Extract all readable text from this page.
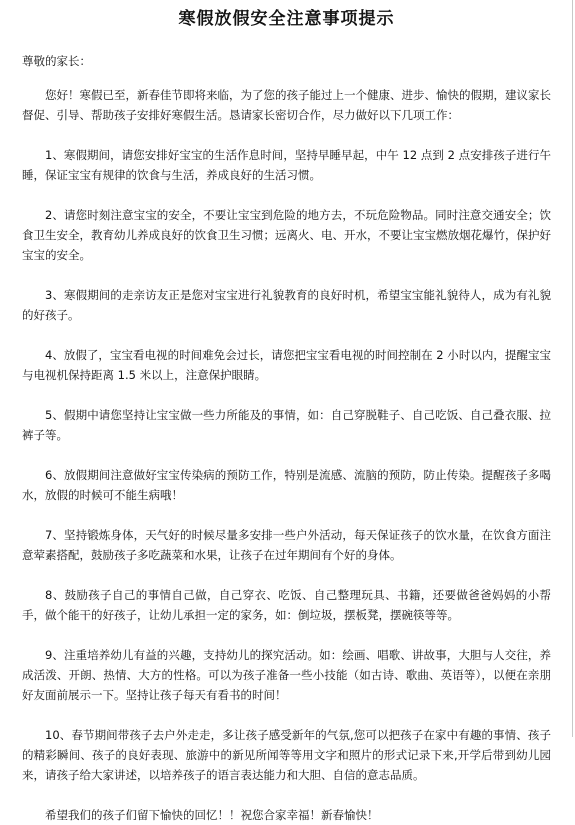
寒假放假安全注意事项提示
尊敬的家长：
您好！寒假已至，新春佳节即将来临，为了您的孩子能过上一个健康、进步、愉快的假期，建议家长督促、引导、帮助孩子安排好寒假生活。恳请家长密切合作，尽力做好以下几项工作：
1、寒假期间，请您安排好宝宝的生活作息时间，坚持早睡早起，中午 12 点到 2 点安排孩子进行午睡，保证宝宝有规律的饮食与生活，养成良好的生活习惯。
2、请您时刻注意宝宝的安全，不要让宝宝到危险的地方去，不玩危险物品。同时注意交通安全；饮食卫生安全，教育幼儿养成良好的饮食卫生习惯；远离火、电、开水，不要让宝宝燃放烟花爆竹，保护好宝宝的安全。
3、寒假期间的走亲访友正是您对宝宝进行礼貌教育的良好时机，希望宝宝能礼貌待人，成为有礼貌的好孩子。
4、放假了，宝宝看电视的时间难免会过长，请您把宝宝看电视的时间控制在 2 小时以内，提醒宝宝与电视机保持距离 1.5 米以上，注意保护眼睛。
5、假期中请您坚持让宝宝做一些力所能及的事情，如：自己穿脱鞋子、自己吃饭、自己叠衣服、拉裤子等。
6、放假期间注意做好宝宝传染病的预防工作，特别是流感、流脑的预防，防止传染。提醒孩子多喝水，放假的时候可不能生病哦！
7、坚持锻炼身体，天气好的时候尽量多安排一些户外活动，每天保证孩子的饮水量，在饮食方面注意荤素搭配，鼓励孩子多吃蔬菜和水果，让孩子在过年期间有个好的身体。
8、鼓励孩子自己的事情自己做，自己穿衣、吃饭、自己整理玩具、书籍，还要做爸爸妈妈的小帮手，做个能干的好孩子，让幼儿承担一定的家务，如：倒垃圾，摆板凳，摆碗筷等等。
9、注重培养幼儿有益的兴趣，支持幼儿的探究活动。如：绘画、唱歌、讲故事，大胆与人交往，养成活泼、开朗、热情、大方的性格。可以为孩子准备一些小技能（如古诗、歌曲、英语等），以便在亲朋好友面前展示一下。坚持让孩子每天有看书的时间！
10、春节期间带孩子去户外走走，多让孩子感受新年的气氛,您可以把孩子在家中有趣的事情、孩子的精彩瞬间、孩子的良好表现、旅游中的新见所闻等等用文字和照片的形式记录下来,开学后带到幼儿园来，请孩子给大家讲述，以培养孩子的语言表达能力和大胆、自信的意志品质。
希望我们的孩子们留下愉快的回忆！！祝您合家幸福！新春愉快！
